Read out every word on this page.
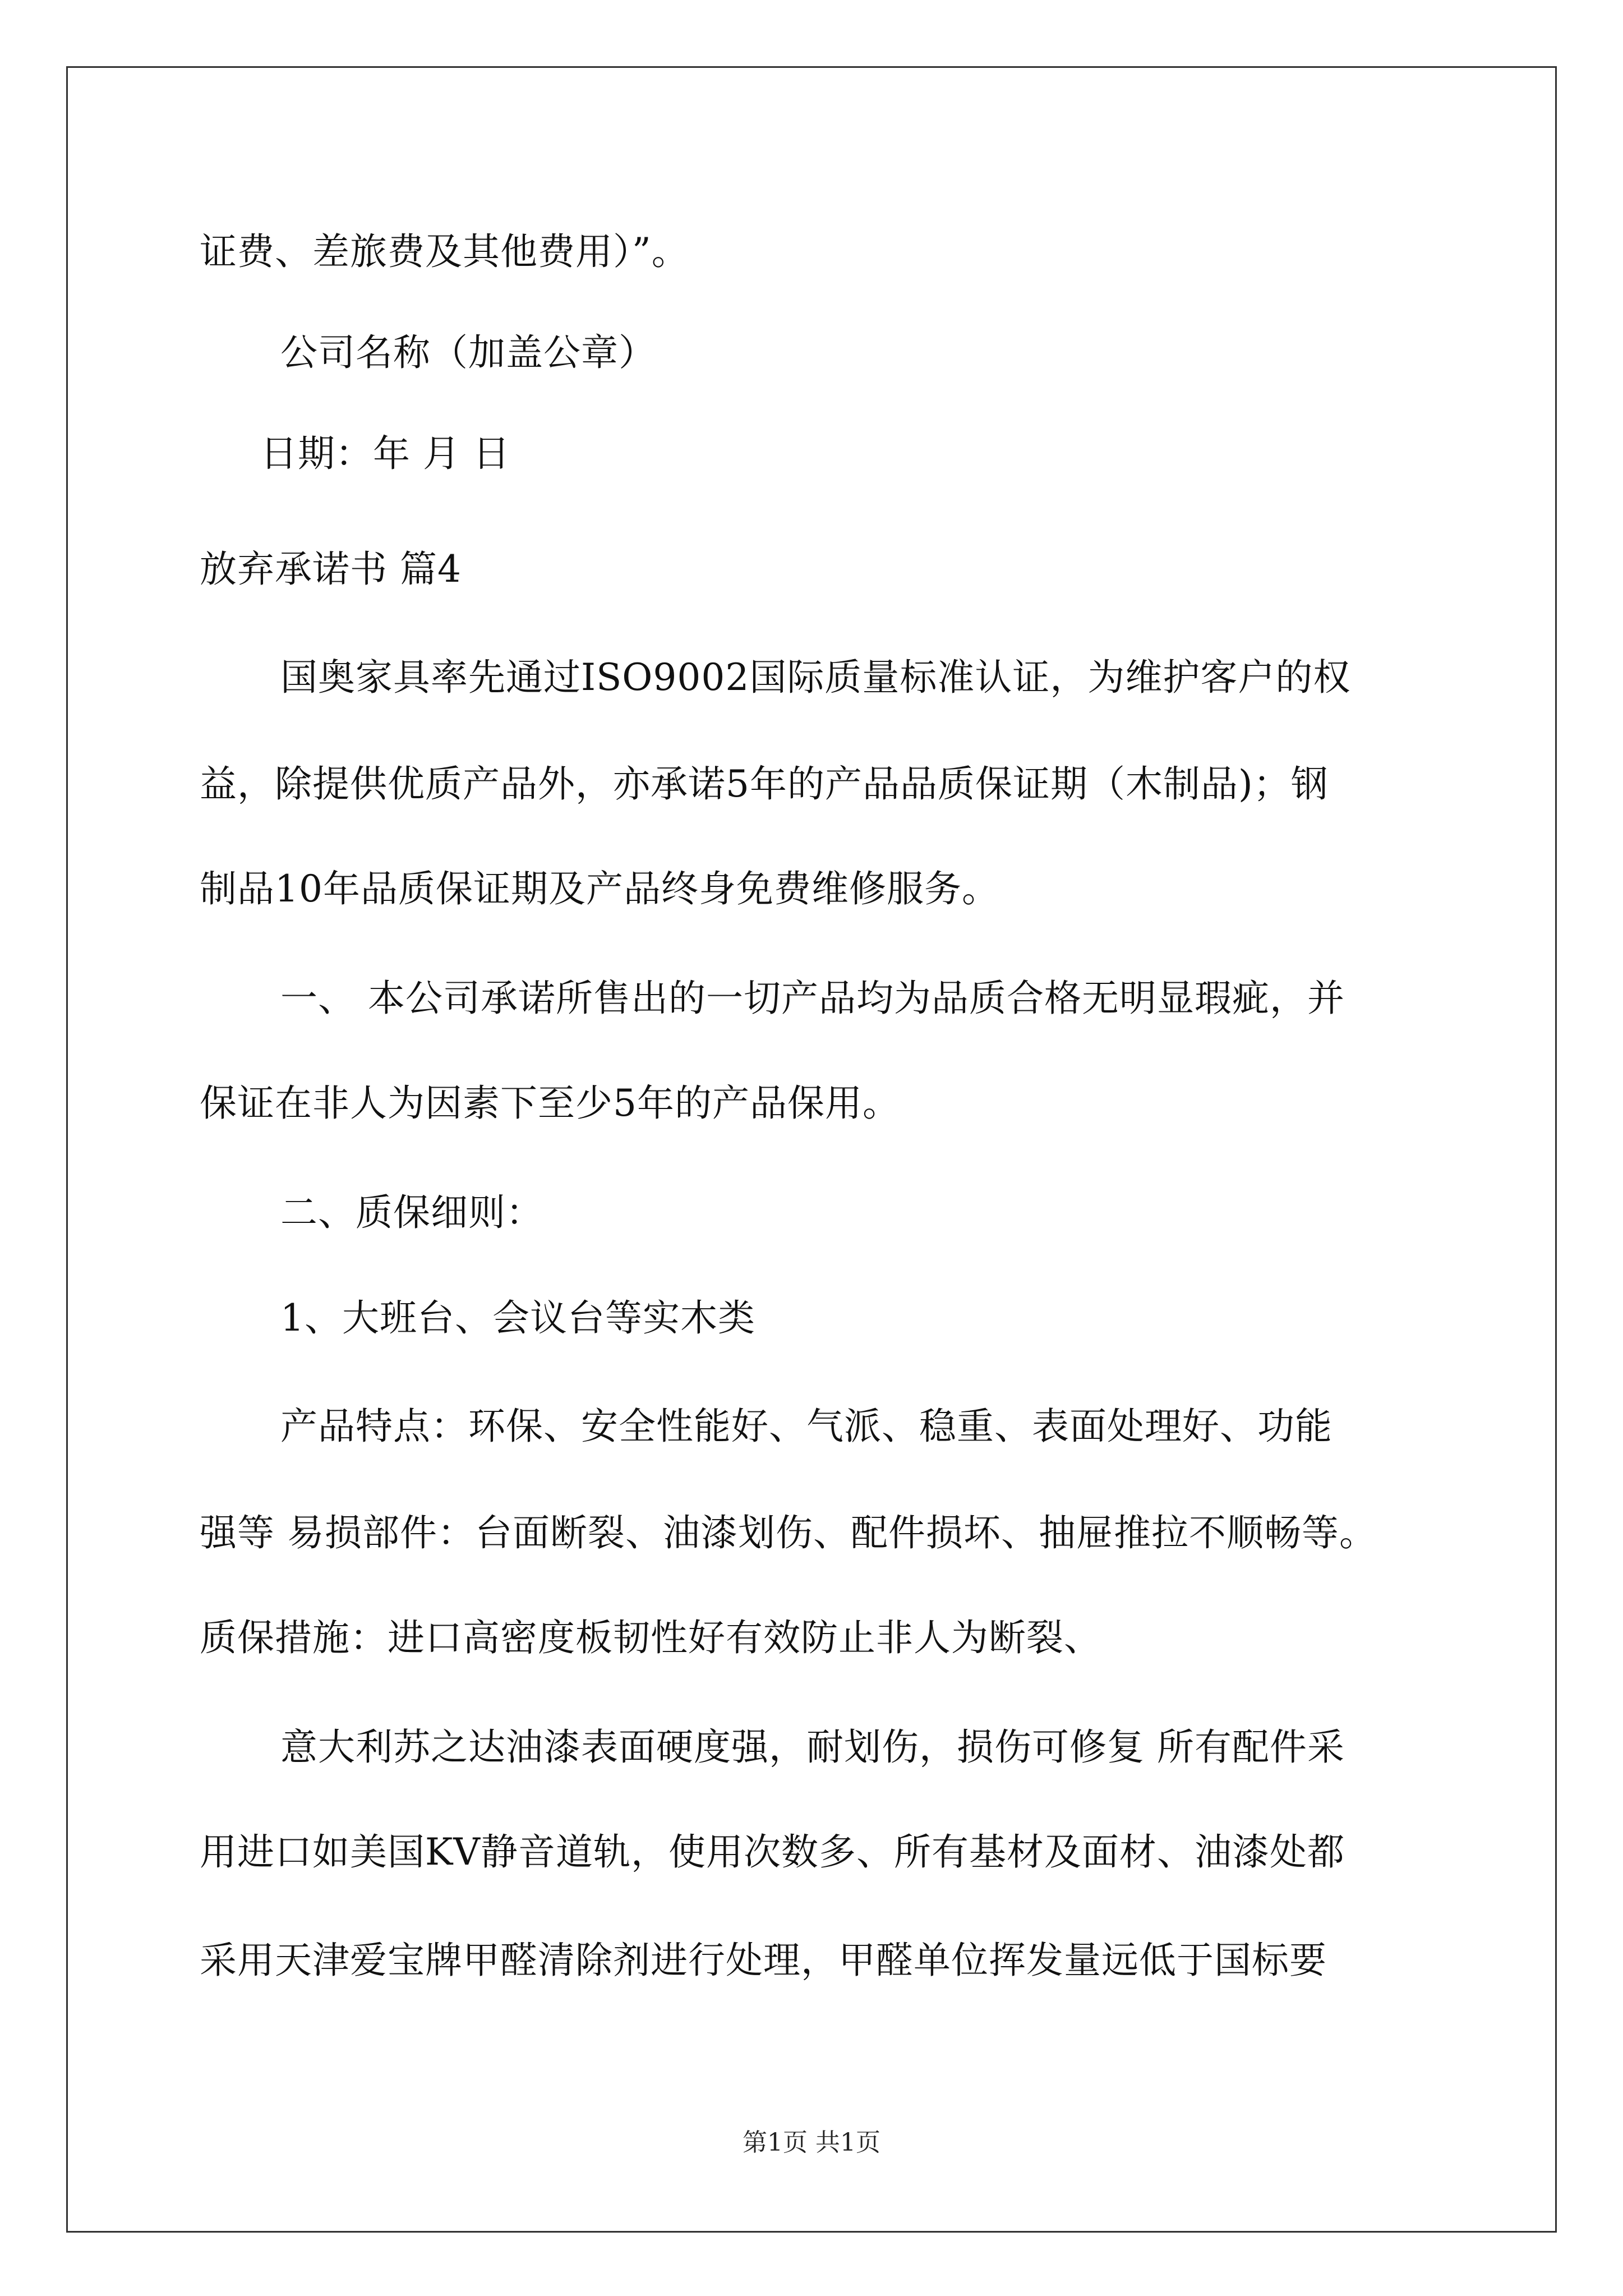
证费、差旅费及其他费用）”。
公司名称（加盖公章）
日期：年 月 日
放弃承诺书 篇4
国奥家具率先通过ISO9002国际质量标准认证，为维护客户的权
益，除提供优质产品外，亦承诺5年的产品品质保证期（木制品)；钢
制品10年品质保证期及产品终身免费维修服务。
一、 本公司承诺所售出的一切产品均为品质合格无明显瑕疵，并
保证在非人为因素下至少5年的产品保用。
二、质保细则：
1、大班台、会议台等实木类
产品特点：环保、安全性能好、气派、稳重、表面处理好、功能
强等 易损部件：台面断裂、油漆划伤、配件损坏、抽屉推拉不顺畅等。
质保措施：进口高密度板韧性好有效防止非人为断裂、
意大利苏之达油漆表面硬度强，耐划伤，损伤可修复 所有配件采
用进口如美国KV静音道轨，使用次数多、所有基材及面材、油漆处都
采用天津爱宝牌甲醛清除剂进行处理，甲醛单位挥发量远低于国标要
第1页 共1页
